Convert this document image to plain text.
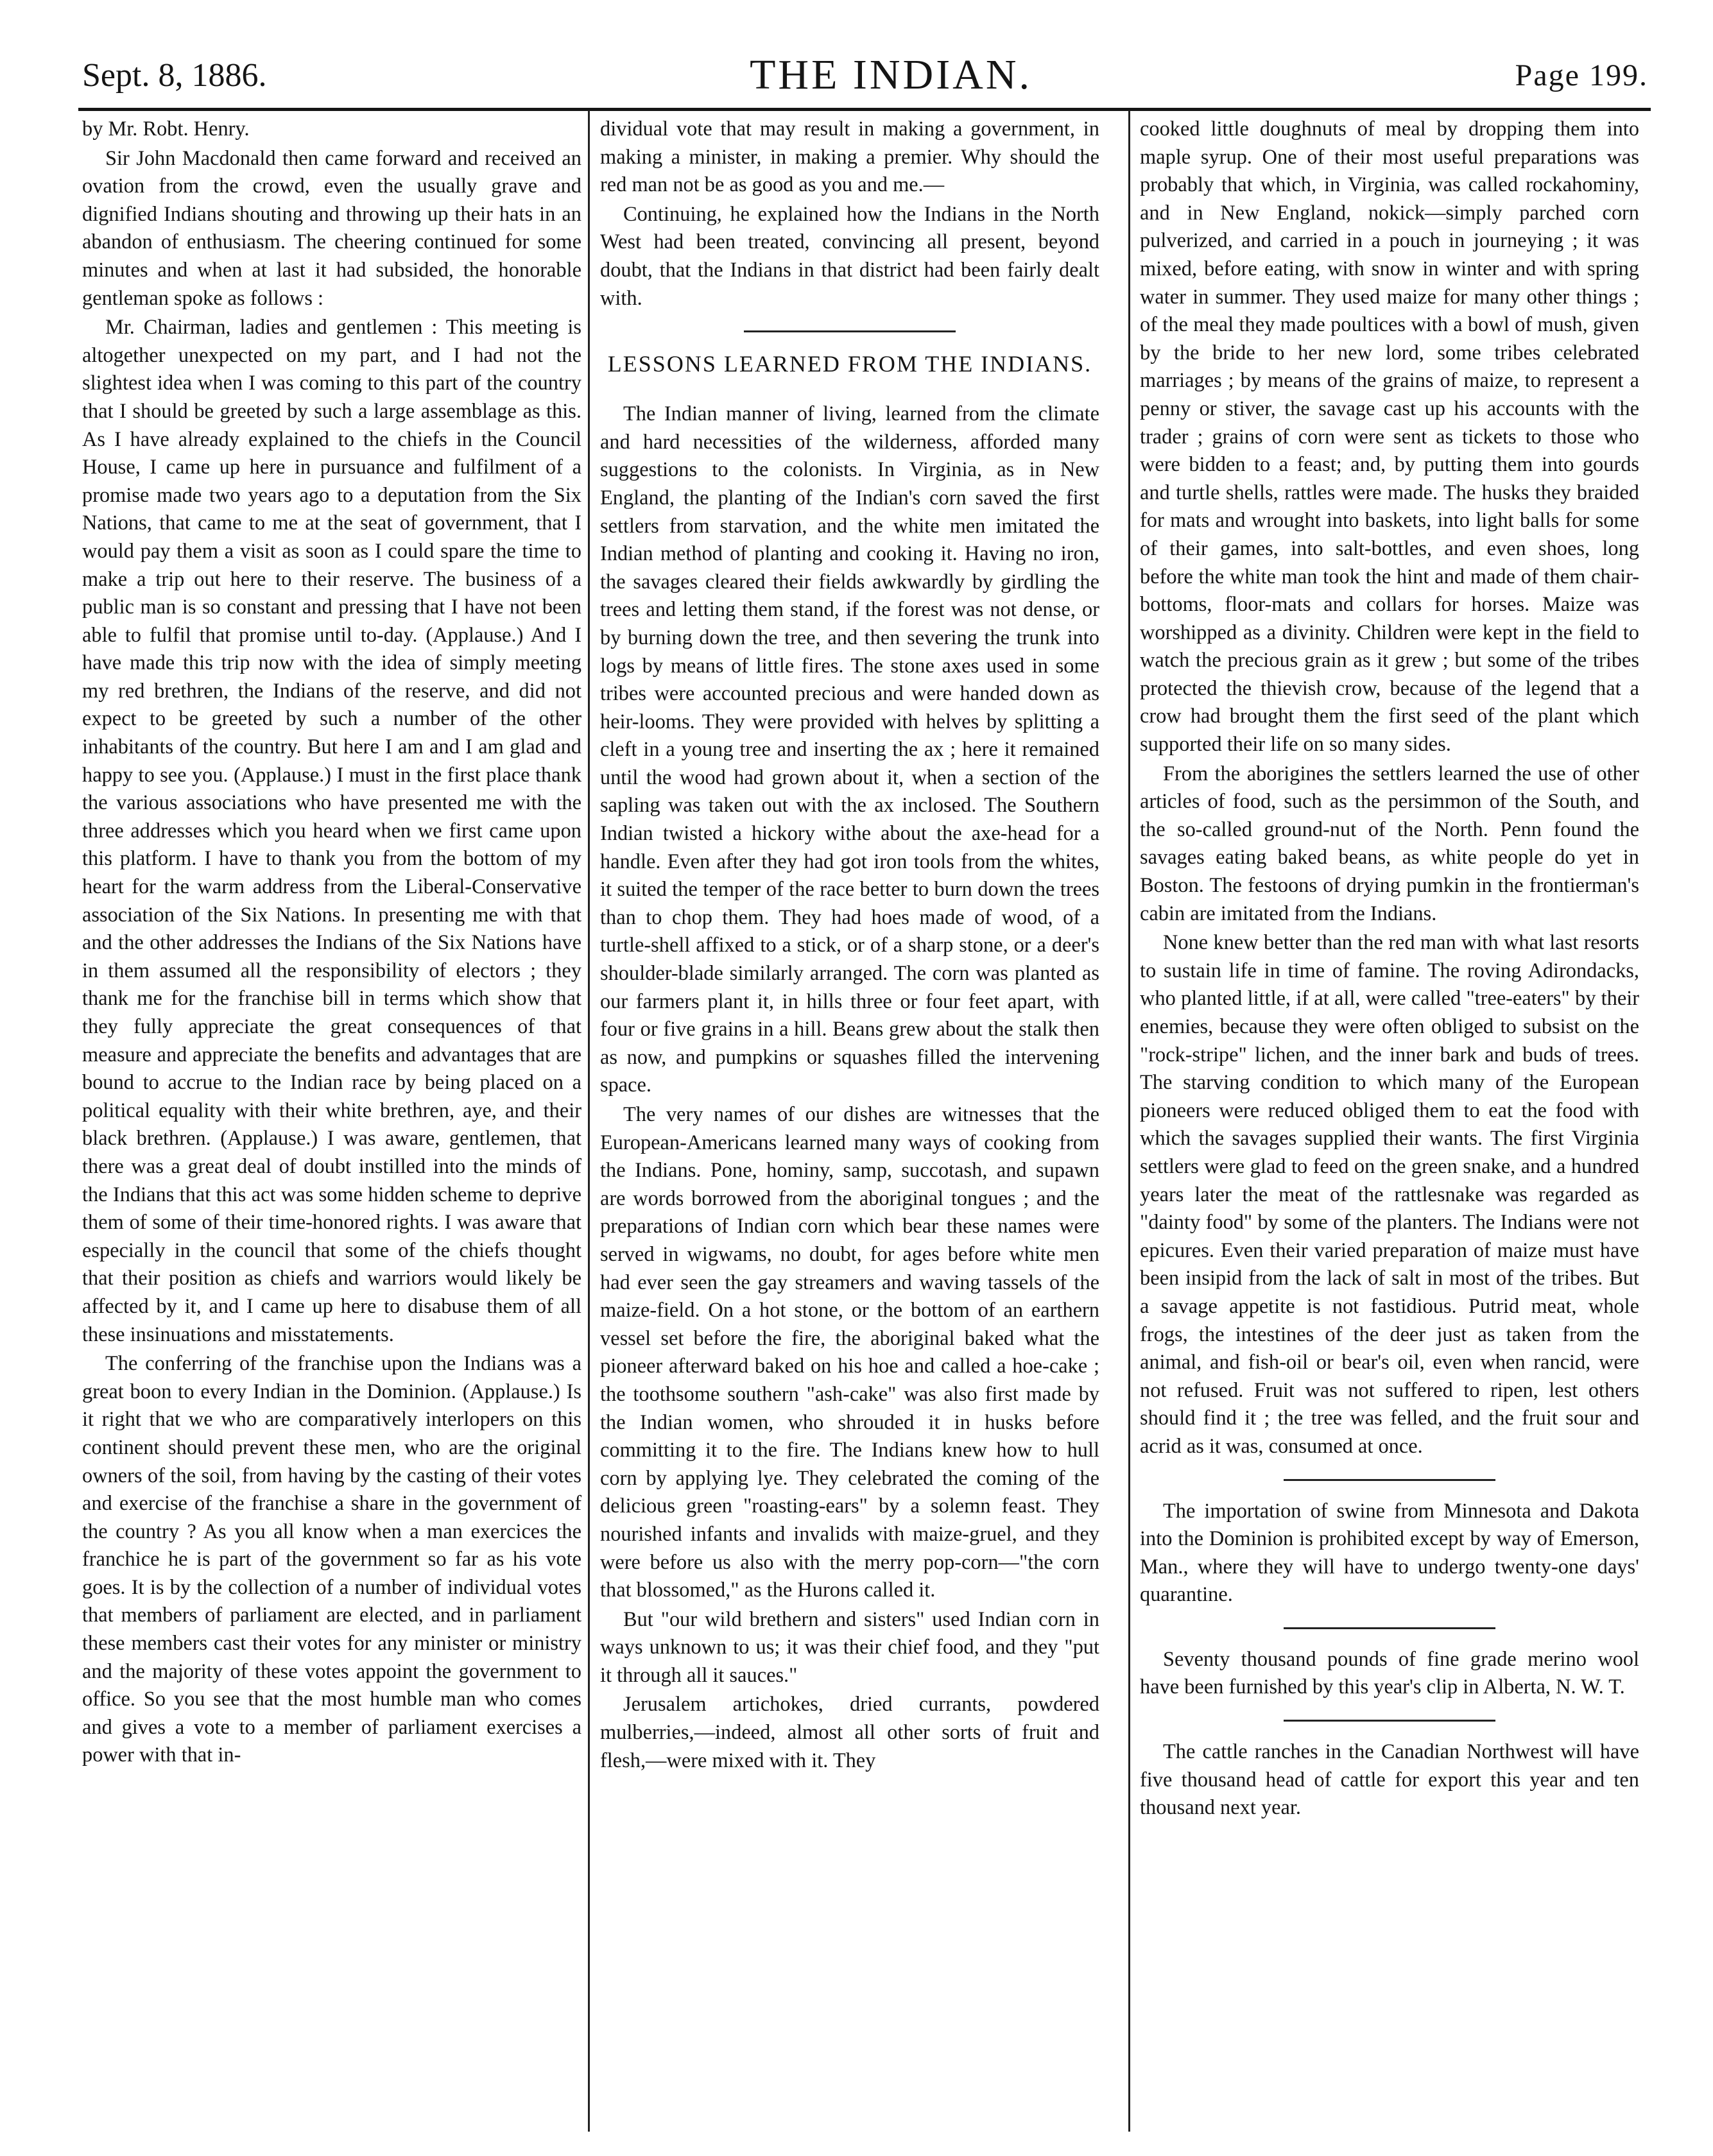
Sept. 8, 1886.	THE INDIAN.	Page 199.

by Mr. Robt. Henry.

Sir John Macdonald then came forward and received an ovation from the crowd, even the usually grave and dignified Indians shouting and throwing up their hats in an abandon of enthusiasm. The cheering continued for some minutes and when at last it had subsided, the honorable gentleman spoke as follows :

Mr. Chairman, ladies and gentlemen : This meeting is altogether unexpected on my part, and I had not the slightest idea when I was coming to this part of the country that I should be greeted by such a large assemblage as this. As I have already explained to the chiefs in the Council House, I came up here in pursuance and fulfilment of a promise made two years ago to a deputation from the Six Nations, that came to me at the seat of government, that I would pay them a visit as soon as I could spare the time to make a trip out here to their reserve. The business of a public man is so constant and pressing that I have not been able to fulfil that promise until to-day. (Applause.) And I have made this trip now with the idea of simply meeting my red brethren, the Indians of the reserve, and did not expect to be greeted by such a number of the other inhabitants of the country. But here I am and I am glad and happy to see you. (Applause.) I must in the first place thank the various associations who have presented me with the three addresses which you heard when we first came upon this platform. I have to thank you from the bottom of my heart for the warm address from the Liberal-Conservative association of the Six Nations. In presenting me with that and the other addresses the Indians of the Six Nations have in them assumed all the responsibility of electors ; they thank me for the franchise bill in terms which show that they fully appreciate the great consequences of that measure and appreciate the benefits and advantages that are bound to accrue to the Indian race by being placed on a political equality with their white brethren, aye, and their black brethren. (Applause.) I was aware, gentlemen, that there was a great deal of doubt instilled into the minds of the Indians that this act was some hidden scheme to deprive them of some of their time-honored rights. I was aware that especially in the council that some of the chiefs thought that their position as chiefs and warriors would likely be affected by it, and I came up here to disabuse them of all these insinuations and misstatements.

The conferring of the franchise upon the Indians was a great boon to every Indian in the Dominion. (Applause.) Is it right that we who are comparatively interlopers on this continent should prevent these men, who are the original owners of the soil, from having by the casting of their votes and exercise of the franchise a share in the government of the country ? As you all know when a man exercices the franchice he is part of the government so far as his vote goes. It is by the collection of a number of individual votes that members of parliament are elected, and in parliament these members cast their votes for any minister or ministry and the majority of these votes appoint the government to office. So you see that the most humble man who comes and gives a vote to a member of parliament exercises a power with that in-

dividual vote that may result in making a government, in making a minister, in making a premier. Why should the red man not be as good as you and me.—

Continuing, he explained how the Indians in the North West had been treated, convincing all present, beyond doubt, that the Indians in that district had been fairly dealt with.

LESSONS LEARNED FROM THE INDIANS.

The Indian manner of living, learned from the climate and hard necessities of the wilderness, afforded many suggestions to the colonists. In Virginia, as in New England, the planting of the Indian's corn saved the first settlers from starvation, and the white men imitated the Indian method of planting and cooking it. Having no iron, the savages cleared their fields awkwardly by girdling the trees and letting them stand, if the forest was not dense, or by burning down the tree, and then severing the trunk into logs by means of little fires. The stone axes used in some tribes were accounted precious and were handed down as heir-looms. They were provided with helves by splitting a cleft in a young tree and inserting the ax ; here it remained until the wood had grown about it, when a section of the sapling was taken out with the ax inclosed. The Southern Indian twisted a hickory withe about the axe-head for a handle. Even after they had got iron tools from the whites, it suited the temper of the race better to burn down the trees than to chop them. They had hoes made of wood, of a turtle-shell affixed to a stick, or of a sharp stone, or a deer's shoulder-blade similarly arranged. The corn was planted as our farmers plant it, in hills three or four feet apart, with four or five grains in a hill. Beans grew about the stalk then as now, and pumpkins or squashes filled the intervening space.

The very names of our dishes are witnesses that the European-Americans learned many ways of cooking from the Indians. Pone, hominy, samp, succotash, and supawn are words borrowed from the aboriginal tongues ; and the preparations of Indian corn which bear these names were served in wigwams, no doubt, for ages before white men had ever seen the gay streamers and waving tassels of the maize-field. On a hot stone, or the bottom of an earthern vessel set before the fire, the aboriginal baked what the pioneer afterward baked on his hoe and called a hoe-cake ; the toothsome southern "ash-cake" was also first made by the Indian women, who shrouded it in husks before committing it to the fire. The Indians knew how to hull corn by applying lye. They celebrated the coming of the delicious green "roasting-ears" by a solemn feast. They nourished infants and invalids with maize-gruel, and they were before us also with the merry pop-corn—"the corn that blossomed," as the Hurons called it.

But "our wild brethern and sisters" used Indian corn in ways unknown to us; it was their chief food, and they "put it through all it sauces."

Jerusalem artichokes, dried currants, powdered mulberries,—indeed, almost all other sorts of fruit and flesh,—were mixed with it. They

cooked little doughnuts of meal by dropping them into maple syrup. One of their most useful preparations was probably that which, in Virginia, was called rockahominy, and in New England, nokick—simply parched corn pulverized, and carried in a pouch in journeying ; it was mixed, before eating, with snow in winter and with spring water in summer. They used maize for many other things ; of the meal they made poultices with a bowl of mush, given by the bride to her new lord, some tribes celebrated marriages ; by means of the grains of maize, to represent a penny or stiver, the savage cast up his accounts with the trader ; grains of corn were sent as tickets to those who were bidden to a feast; and, by putting them into gourds and turtle shells, rattles were made. The husks they braided for mats and wrought into baskets, into light balls for some of their games, into salt-bottles, and even shoes, long before the white man took the hint and made of them chair-bottoms, floor-mats and collars for horses. Maize was worshipped as a divinity. Children were kept in the field to watch the precious grain as it grew ; but some of the tribes protected the thievish crow, because of the legend that a crow had brought them the first seed of the plant which supported their life on so many sides.

From the aborigines the settlers learned the use of other articles of food, such as the persimmon of the South, and the so-called ground-nut of the North. Penn found the savages eating baked beans, as white people do yet in Boston. The festoons of drying pumkin in the frontierman's cabin are imitated from the Indians.

None knew better than the red man with what last resorts to sustain life in time of famine. The roving Adirondacks, who planted little, if at all, were called "tree-eaters" by their enemies, because they were often obliged to subsist on the "rock-stripe" lichen, and the inner bark and buds of trees. The starving condition to which many of the European pioneers were reduced obliged them to eat the food with which the savages supplied their wants. The first Virginia settlers were glad to feed on the green snake, and a hundred years later the meat of the rattlesnake was regarded as "dainty food" by some of the planters. The Indians were not epicures. Even their varied preparation of maize must have been insipid from the lack of salt in most of the tribes. But a savage appetite is not fastidious. Putrid meat, whole frogs, the intestines of the deer just as taken from the animal, and fish-oil or bear's oil, even when rancid, were not refused. Fruit was not suffered to ripen, lest others should find it ; the tree was felled, and the fruit sour and acrid as it was, consumed at once.

The importation of swine from Minnesota and Dakota into the Dominion is prohibited except by way of Emerson, Man., where they will have to undergo twenty-one days' quarantine.

Seventy thousand pounds of fine grade merino wool have been furnished by this year's clip in Alberta, N. W. T.

The cattle ranches in the Canadian Northwest will have five thousand head of cattle for export this year and ten thousand next year.
